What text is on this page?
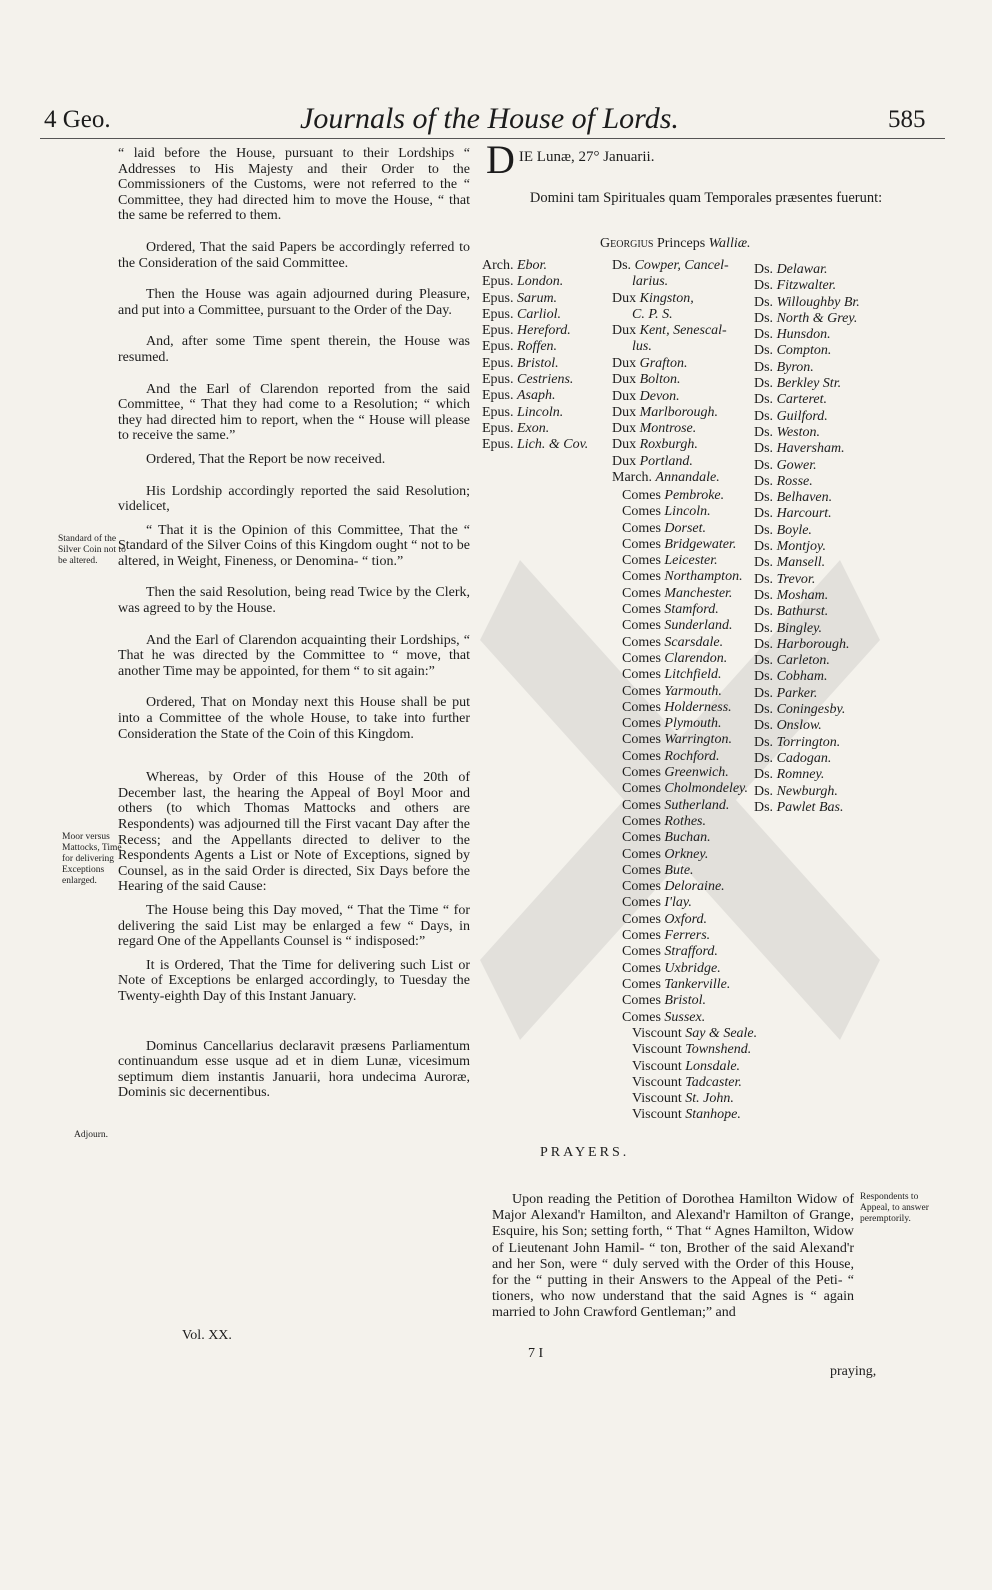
4 Geo.	Journals of the House of Lords.	585

“ laid before the House, pursuant to their Lordships “ Addresses to His Majesty and their Order to the Commissioners of the Customs, were not referred to the “ Committee, they had directed him to move the House, “ that the same be referred to them.

Ordered, That the said Papers be accordingly referred to the Consideration of the said Committee.

Then the House was again adjourned during Pleasure, and put into a Committee, pursuant to the Order of the Day.

And, after some Time spent therein, the House was resumed.

And the Earl of Clarendon reported from the said Committee, “ That they had come to a Resolution; “ which they had directed him to report, when the “ House will please to receive the same.”

Ordered, That the Report be now received.

His Lordship accordingly reported the said Resolution; videlicet,

“ That it is the Opinion of this Committee, That the “ Standard of the Silver Coins of this Kingdom ought “ not to be altered, in Weight, Fineness, or Denomina- “ tion.”

Then the said Resolution, being read Twice by the Clerk, was agreed to by the House.

And the Earl of Clarendon acquainting their Lordships, “ That he was directed by the Committee to “ move, that another Time may be appointed, for them “ to sit again:”

Ordered, That on Monday next this House shall be put into a Committee of the whole House, to take into further Consideration the State of the Coin of this Kingdom.

Whereas, by Order of this House of the 20th of December last, the hearing the Appeal of Boyl Moor and others (to which Thomas Mattocks and others are Respondents) was adjourned till the First vacant Day after the Recess; and the Appellants directed to deliver to the Respondents Agents a List or Note of Exceptions, signed by Counsel, as in the said Order is directed, Six Days before the Hearing of the said Cause:

The House being this Day moved, “ That the Time “ for delivering the said List may be enlarged a few “ Days, in regard One of the Appellants Counsel is “ indisposed:”

It is Ordered, That the Time for delivering such List or Note of Exceptions be enlarged accordingly, to Tuesday the Twenty-eighth Day of this Instant January.

Dominus Cancellarius declaravit præsens Parliamentum continuandum esse usque ad et in diem Lunæ, vicesimum septimum diem instantis Januarii, hora undecima Auroræ, Dominis sic decernentibus.

Standard of the Silver Coin not to be altered.
Moor versus Mattocks, Time for delivering Exceptions enlarged.
Adjourn.
Respondents to Appeal, to answer peremptorily.
D IE Lunæ, 27° Januarii.
Domini tam Spirituales quam Temporales præsentes fuerunt:
Georgius Princeps Walliæ.
Arch. Ebor.
Epus. London.
Epus. Sarum.
Epus. Carliol.
Epus. Hereford.
Epus. Roffen.
Epus. Bristol.
Epus. Cestriens.
Epus. Asaph.
Epus. Lincoln.
Epus. Exon.
Epus. Lich. & Cov.
Ds. Cowper, Cancel-
larius.
Dux Kingston,
C. P. S.
Dux Kent, Senescal-
lus.
Dux Grafton.
Dux Bolton.
Dux Devon.
Dux Marlborough.
Dux Montrose.
Dux Roxburgh.
Dux Portland.
March. Annandale.
Comes Pembroke.
Comes Lincoln.
Comes Dorset.
Comes Bridgewater.
Comes Leicester.
Comes Northampton.
Comes Manchester.
Comes Stamford.
Comes Sunderland.
Comes Scarsdale.
Comes Clarendon.
Comes Litchfield.
Comes Yarmouth.
Comes Holderness.
Comes Plymouth.
Comes Warrington.
Comes Rochford.
Comes Greenwich.
Comes Cholmondeley.
Comes Sutherland.
Comes Rothes.
Comes Buchan.
Comes Orkney.
Comes Bute.
Comes Deloraine.
Comes I'lay.
Comes Oxford.
Comes Ferrers.
Comes Strafford.
Comes Uxbridge.
Comes Tankerville.
Comes Bristol.
Comes Sussex.
Viscount Say & Seale.
Viscount Townshend.
Viscount Lonsdale.
Viscount Tadcaster.
Viscount St. John.
Viscount Stanhope.
Ds. Delawar.
Ds. Fitzwalter.
Ds. Willoughby Br.
Ds. North & Grey.
Ds. Hunsdon.
Ds. Compton.
Ds. Byron.
Ds. Berkley Str.
Ds. Carteret.
Ds. Guilford.
Ds. Weston.
Ds. Haversham.
Ds. Gower.
Ds. Rosse.
Ds. Belhaven.
Ds. Harcourt.
Ds. Boyle.
Ds. Montjoy.
Ds. Mansell.
Ds. Trevor.
Ds. Mosham.
Ds. Bathurst.
Ds. Bingley.
Ds. Harborough.
Ds. Carleton.
Ds. Cobham.
Ds. Parker.
Ds. Coningesby.
Ds. Onslow.
Ds. Torrington.
Ds. Cadogan.
Ds. Romney.
Ds. Newburgh.
Ds. Pawlet Bas.
PRAYERS.
Upon reading the Petition of Dorothea Hamilton Widow of Major Alexand'r Hamilton, and Alexand'r Hamilton of Grange, Esquire, his Son; setting forth, “ That “ Agnes Hamilton, Widow of Lieutenant John Hamil- “ ton, Brother of the said Alexand'r and her Son, were “ duly served with the Order of this House, for the “ putting in their Answers to the Appeal of the Peti- “ tioners, who now understand that the said Agnes is “ again married to John Crawford Gentleman;” and
Vol. XX.
7 I
praying,
